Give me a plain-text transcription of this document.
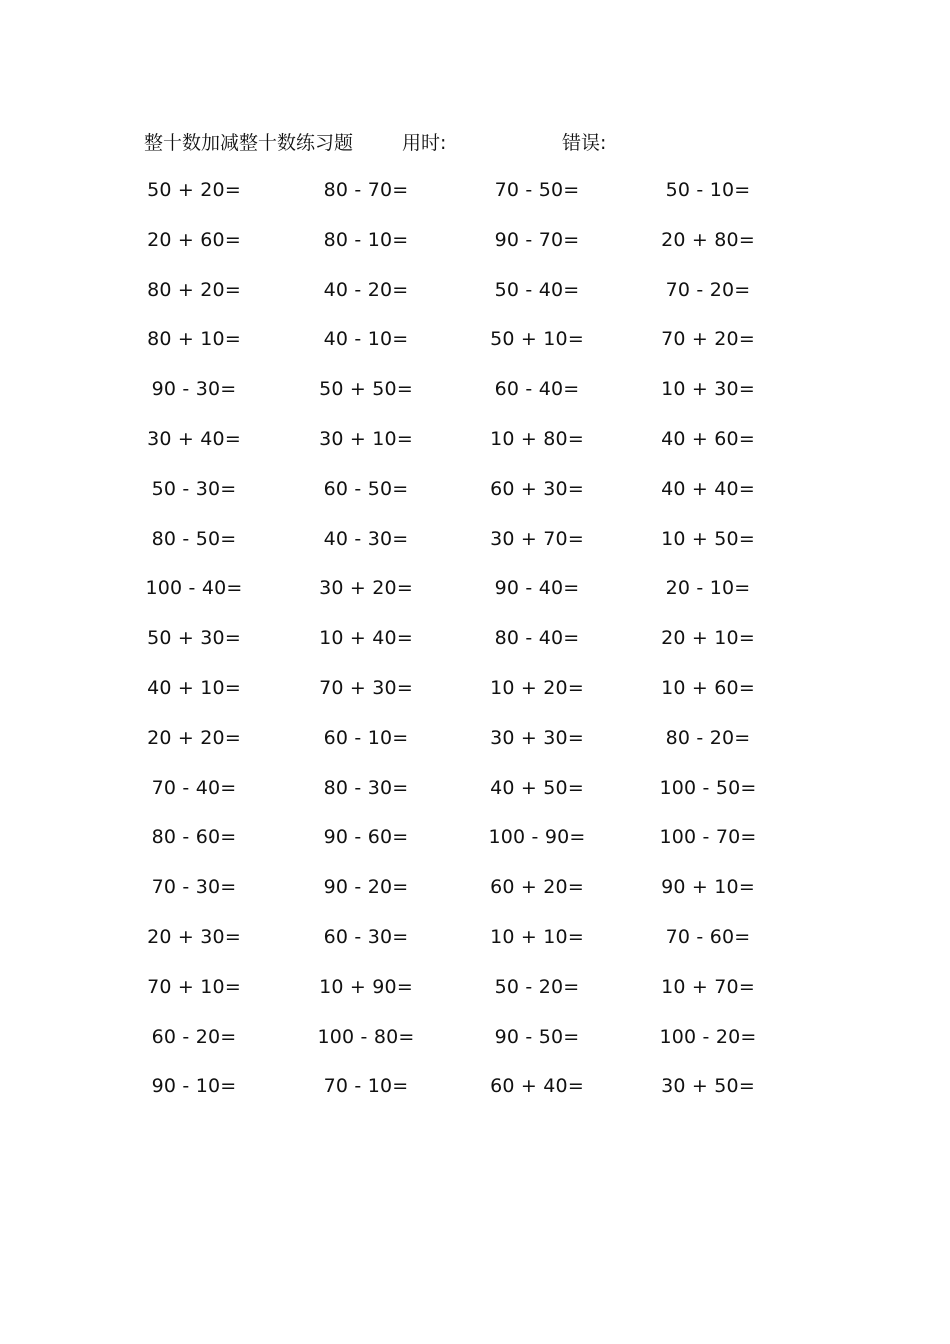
整十数加减整十数练习题	用时:	错误:
50 + 20=	80 - 70=	70 - 50=	50 - 10=
20 + 60=	80 - 10=	90 - 70=	20 + 80=
80 + 20=	40 - 20=	50 - 40=	70 - 20=
80 + 10=	40 - 10=	50 + 10=	70 + 20=
90 - 30=	50 + 50=	60 - 40=	10 + 30=
30 + 40=	30 + 10=	10 + 80=	40 + 60=
50 - 30=	60 - 50=	60 + 30=	40 + 40=
80 - 50=	40 - 30=	30 + 70=	10 + 50=
100 - 40=	30 + 20=	90 - 40=	20 - 10=
50 + 30=	10 + 40=	80 - 40=	20 + 10=
40 + 10=	70 + 30=	10 + 20=	10 + 60=
20 + 20=	60 - 10=	30 + 30=	80 - 20=
70 - 40=	80 - 30=	40 + 50=	100 - 50=
80 - 60=	90 - 60=	100 - 90=	100 - 70=
70 - 30=	90 - 20=	60 + 20=	90 + 10=
20 + 30=	60 - 30=	10 + 10=	70 - 60=
70 + 10=	10 + 90=	50 - 20=	10 + 70=
60 - 20=	100 - 80=	90 - 50=	100 - 20=
90 - 10=	70 - 10=	60 + 40=	30 + 50=
